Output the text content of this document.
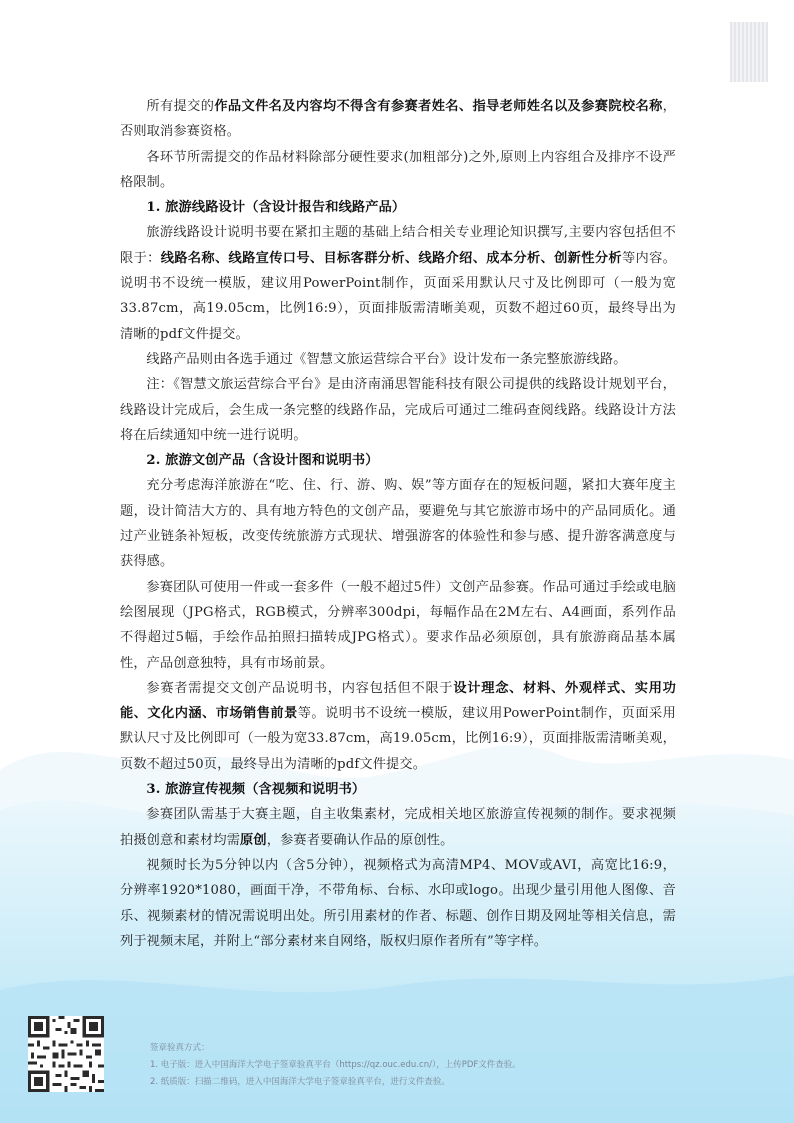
所有提交的作品文件名及内容均不得含有参赛者姓名、指导老师姓名以及参赛院校名称，否则取消参赛资格。

各环节所需提交的作品材料除部分硬性要求(加粗部分)之外,原则上内容组合及排序不设严格限制。

1. 旅游线路设计（含设计报告和线路产品）

旅游线路设计说明书要在紧扣主题的基础上结合相关专业理论知识撰写,主要内容包括但不限于：线路名称、线路宣传口号、目标客群分析、线路介绍、成本分析、创新性分析等内容。说明书不设统一模版，建议用PowerPoint制作，页面采用默认尺寸及比例即可（一般为宽33.87cm，高19.05cm，比例16:9），页面排版需清晰美观，页数不超过60页，最终导出为清晰的pdf文件提交。

线路产品则由各选手通过《智慧文旅运营综合平台》设计发布一条完整旅游线路。

注：《智慧文旅运营综合平台》是由济南涌思智能科技有限公司提供的线路设计规划平台，线路设计完成后，会生成一条完整的线路作品，完成后可通过二维码查阅线路。线路设计方法将在后续通知中统一进行说明。

2. 旅游文创产品（含设计图和说明书）

充分考虑海洋旅游在“吃、住、行、游、购、娱”等方面存在的短板问题，紧扣大赛年度主题，设计简洁大方的、具有地方特色的文创产品，要避免与其它旅游市场中的产品同质化。通过产业链条补短板，改变传统旅游方式现状、增强游客的体验性和参与感、提升游客满意度与获得感。

参赛团队可使用一件或一套多件（一般不超过5件）文创产品参赛。作品可通过手绘或电脑绘图展现（JPG格式，RGB模式，分辨率300dpi，每幅作品在2M左右、A4画面，系列作品不得超过5幅，手绘作品拍照扫描转成JPG格式）。要求作品必须原创，具有旅游商品基本属性，产品创意独特，具有市场前景。

参赛者需提交文创产品说明书，内容包括但不限于设计理念、材料、外观样式、实用功能、文化内涵、市场销售前景等。说明书不设统一模版，建议用PowerPoint制作，页面采用默认尺寸及比例即可（一般为宽33.87cm，高19.05cm，比例16:9），页面排版需清晰美观，页数不超过50页，最终导出为清晰的pdf文件提交。

3. 旅游宣传视频（含视频和说明书）

参赛团队需基于大赛主题，自主收集素材，完成相关地区旅游宣传视频的制作。要求视频拍摄创意和素材均需原创，参赛者要确认作品的原创性。

视频时长为5分钟以内（含5分钟），视频格式为高清MP4、MOV或AVI，高宽比16:9，分辨率1920*1080，画面干净，不带角标、台标、水印或logo。出现少量引用他人图像、音乐、视频素材的情况需说明出处。所引用素材的作者、标题、创作日期及网址等相关信息，需列于视频末尾，并附上“部分素材来自网络，版权归原作者所有”等字样。

签章验真方式：
1. 电子版：进入中国海洋大学电子签章验真平台（https://qz.ouc.edu.cn/），上传PDF文件查验。
2. 纸质版：扫描二维码，进入中国海洋大学电子签章验真平台，进行文件查验。
